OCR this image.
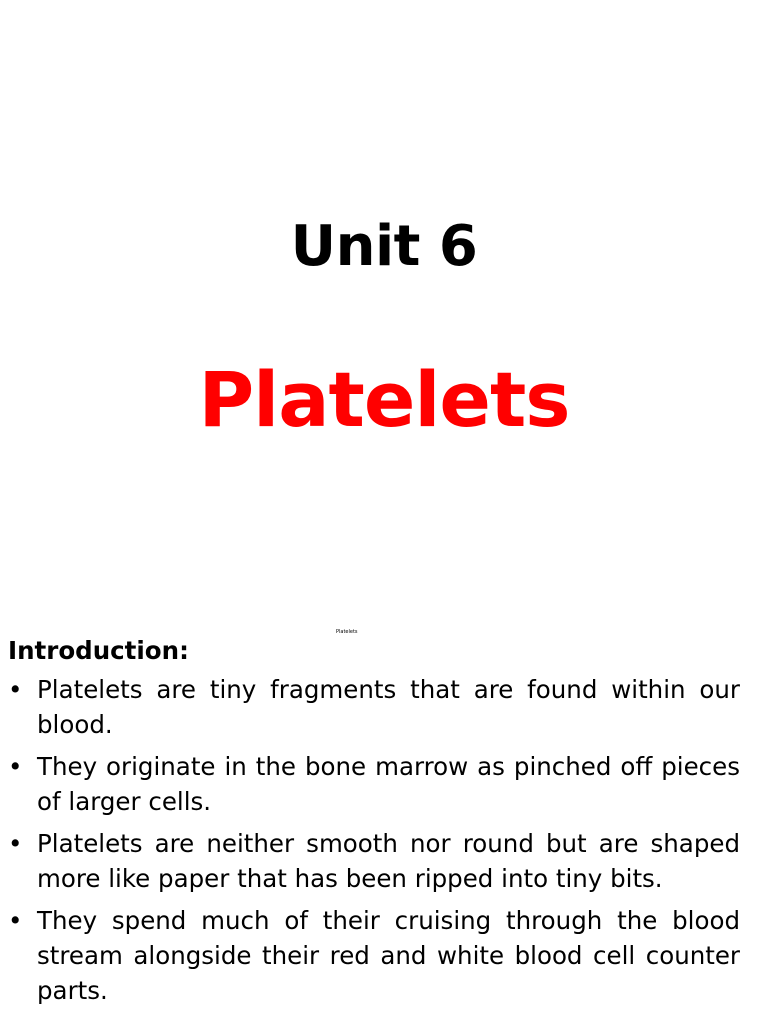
Unit 6
Platelets
Platelets
Introduction:
• Platelets are tiny fragments that are found within our blood.
• They originate in the bone marrow as pinched off pieces of larger cells.
• Platelets are neither smooth nor round but are shaped more like paper that has been ripped into tiny bits.
• They spend much of their cruising through the blood stream alongside their red and white blood cell counter parts.
